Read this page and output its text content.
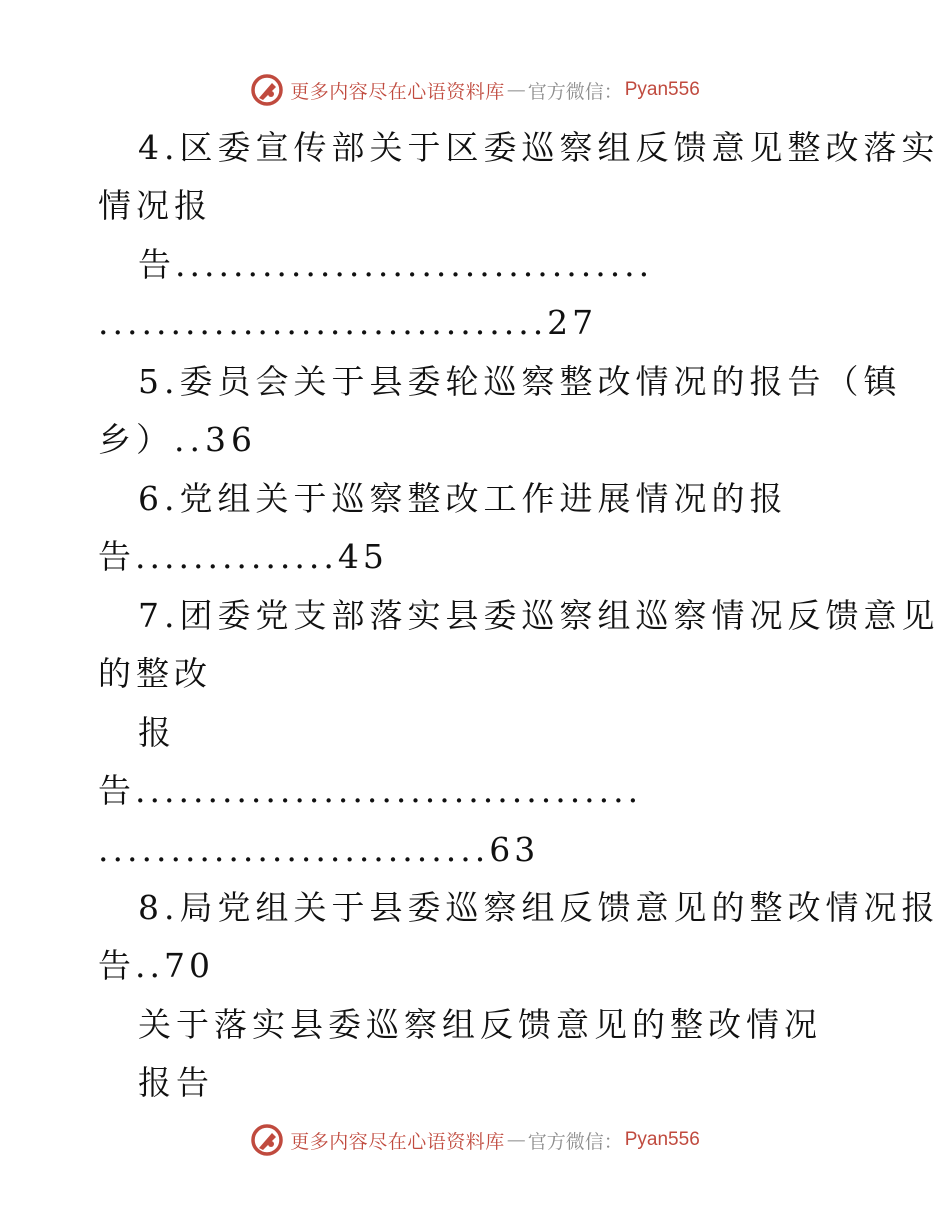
更多内容尽在心语资料库 — 官方微信： Pyan556
4.区委宣传部关于区委巡察组反馈意见整改落实
情况报
告.................................
...............................27
5.委员会关于县委轮巡察整改情况的报告（镇
乡）..36
6.党组关于巡察整改工作进展情况的报
告..............45
7.团委党支部落实县委巡察组巡察情况反馈意见
的整改
报
告...................................
...........................63
8.局党组关于县委巡察组反馈意见的整改情况报
告..70
关于落实县委巡察组反馈意见的整改情况
报告
更多内容尽在心语资料库 — 官方微信： Pyan556
